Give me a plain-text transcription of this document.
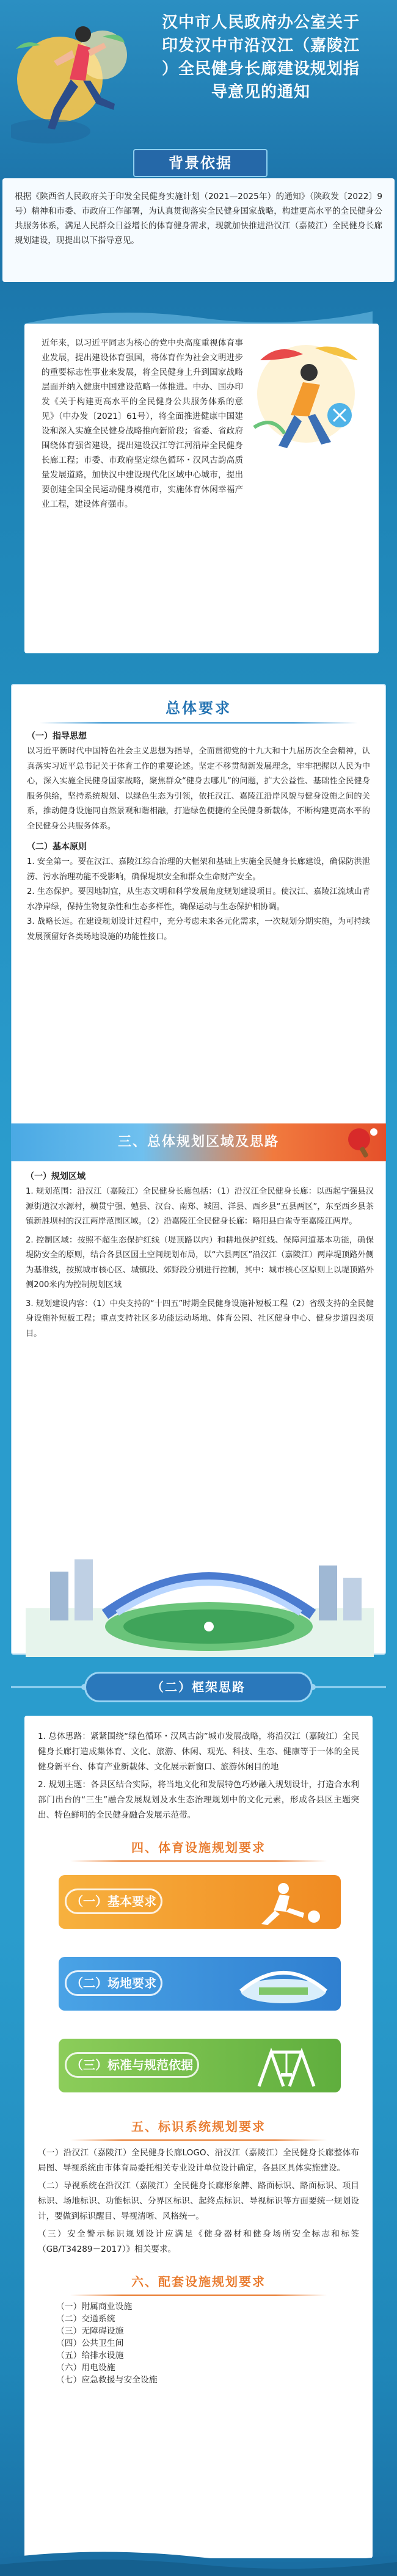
汉中市人民政府办公室关于
印发汉中市沿汉江（嘉陵江
）全民健身长廊建设规划指
导意见的通知
背景依据

根据《陕西省人民政府关于印发全民健身实施计划（2021—2025年）的通知》（陕政发〔2022〕9号）精神和市委、市政府工作部署，为认真贯彻落实全民健身国家战略，构建更高水平的全民健身公共服务体系，满足人民群众日益增长的体育健身需求，现就加快推进沿汉江（嘉陵江）全民健身长廊规划建设，现提出以下指导意见。

近年来，以习近平同志为核心的党中央高度重视体育事业发展，提出建设体育强国，将体育作为社会文明进步的重要标志性事业来发展，将全民健身上升到国家战略层面并纳入健康中国建设范略一体推进。中办、国办印发《关于构建更高水平的全民健身公共服务体系的意见》（中办发〔2021〕61号），将全面推进健康中国建设和深入实施全民健身战略推向新阶段；省委、省政府围绕体育强省建设，提出建设汉江等江河沿岸全民健身长廊工程；市委、市政府坚定绿色循环・汉风古韵高质量发展道路，加快汉中建设现代化区域中心城市，提出要创建全国全民运动健身模范市，实施体育休闲幸福产业工程，建设体育强市。

总体要求
（一）指导思想

以习近平新时代中国特色社会主义思想为指导，全面贯彻党的十九大和十九届历次全会精神，认真落实习近平总书记关于体育工作的重要论述。坚定不移贯彻新发展理念，牢牢把握以人民为中心，深入实施全民健身国家战略，聚焦群众“健身去哪儿”的问题，扩大公益性、基础性全民健身服务供给，坚持系统规划、以绿色生态为引领，依托汉江、嘉陵江沿岸风貌与健身设施之间的关系，推动健身设施同自然景观和谐相融，打造绿色便捷的全民健身新载体，不断构建更高水平的全民健身公共服务体系。

（二）基本原则

1. 安全第一。要在汉江、嘉陵江综合治理的大框架和基础上实施全民健身长廊建设，确保防洪泄涝、污水治理功能不受影响，确保堤坝安全和群众生命财产安全。

2. 生态保护。要因地制宜，从生态文明和科学发展角度规划建设项目。使汉江、嘉陵江流域山青水净岸绿，保持生物复杂性和生态多样性，确保运动与生态保护相协调。

3. 战略长远。在建设规划设计过程中，充分考虑未来各元化需求，一次规划分期实施，为可持续发展预留好各类场地设施的功能性接口。

三、总体规划区域及思路
（一）规划区域

1. 规划范围：沿汉江（嘉陵江）全民健身长廊包括：（1）沿汉江全民健身长廊：以西起宁强县汉源街道汉水源村，横贯宁强、勉县、汉台、南郑、城固、洋县、西乡县“五县两区”，东至西乡县茶镇新胜坝村的汉江两岸范围区域。（2）沿嘉陵江全民健身长廊：略阳县白雀寺至嘉陵江两岸。

2. 控制区域：按照不超生态保护红线（堤顶路以内）和耕地保护红线、保障河道基本功能，确保堤防安全的原则，结合各县区国土空间规划布局，以“六县两区”沿汉江（嘉陵江）两岸堤顶路外侧为基准线，按照城市核心区、城镇段、郊野段分别进行控制，其中：城市核心区原则上以堤顶路外侧200米内为控制规划区域

3. 规划建设内容：（1）中央支持的“十四五”时期全民健身设施补短板工程（2）省级支持的全民健身设施补短板工程；重点支持社区多功能运动场地、体育公园、社区健身中心、健身步道四类项目。

（二）框架思路

1. 总体思路：紧紧围绕“绿色循环・汉风古韵”城市发展战略，将沿汉江（嘉陵江）全民健身长廊打造成集体育、文化、旅游、休闲、观光、科技、生态、健康等于一体的全民健身新平台、体育产业新载体、文化展示新窗口、旅游休闲目的地

2. 规划主题：各县区结合实际，将当地文化和发展特色巧妙融入规划设计，打造合水利部门出台的“三生”融合发展规划及水生态治理规划中的文化元素，形成各县区主题突出、特色鲜明的全民健身融合发展示范带。

四、体育设施规划要求
（一）基本要求
（二）场地要求
（三）标准与规范依据
五、标识系统规划要求

（一）沿汉江（嘉陵江）全民健身长廊LOGO、沿汉江（嘉陵江）全民健身长廊整体布局图、导视系统由市体育局委托相关专业设计单位设计确定，各县区具体实施建设。

（二）导视系统在沿汉江（嘉陵江）全民健身长廊形象牌、路面标识、路面标识、项目标识、场地标识、功能标识、分界区标识、起终点标识、导视标识等方面要统一规划设计，要做到标识醒目、导视清晰、风格统一。

（三）安全警示标识规划设计应满足《健身器材和健身场所安全标志和标签（GB/T34289－2017）》相关要求。

六、配套设施规划要求
（一）附属商业设施
（二）交通系统
（三）无障碍设施
（四）公共卫生间
（五）给排水设施
（六）用电设施
（七）应急救援与安全设施
